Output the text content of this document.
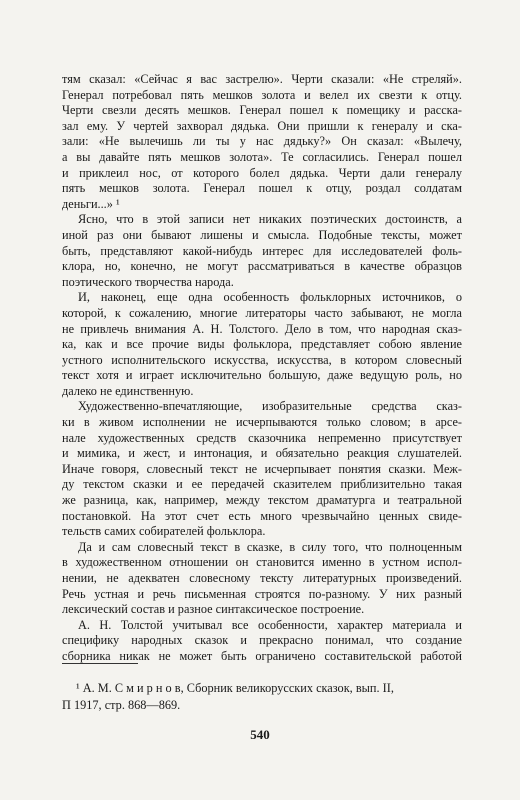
тям сказал: «Сейчас я вас застрелю». Черти сказали: «Не стреляй».
Генерал потребовал пять мешков золота и велел их свезти к отцу.
Черти свезли десять мешков. Генерал пошел к помещику и расска-
зал ему. У чертей захворал дядька. Они пришли к генералу и ска-
зали: «Не вылечишь ли ты у нас дядьку?» Он сказал: «Вылечу,
а вы давайте пять мешков золота». Те согласились. Генерал пошел
и приклеил нос, от которого болел дядька. Черти дали генералу
пять мешков золота. Генерал пошел к отцу, роздал солдатам
деньги...» ¹
Ясно, что в этой записи нет никаких поэтических достоинств, а
иной раз они бывают лишены и смысла. Подобные тексты, может
быть, представляют какой-нибудь интерес для исследователей фоль-
клора, но, конечно, не могут рассматриваться в качестве образцов
поэтического творчества народа.
И, наконец, еще одна особенность фольклорных источников, о
которой, к сожалению, многие литераторы часто забывают, не могла
не привлечь внимания А. Н. Толстого. Дело в том, что народная сказ-
ка, как и все прочие виды фольклора, представляет собою явление
устного исполнительского искусства, искусства, в котором словесный
текст хотя и играет исключительно большую, даже ведущую роль, но
далеко не единственную.
Художественно-впечатляющие, изобразительные средства сказ-
ки в живом исполнении не исчерпываются только словом; в арсе-
нале художественных средств сказочника непременно присутствует
и мимика, и жест, и интонация, и обязательно реакция слушателей.
Иначе говоря, словесный текст не исчерпывает понятия сказки. Меж-
ду текстом сказки и ее передачей сказителем приблизительно такая
же разница, как, например, между текстом драматурга и театральной
постановкой. На этот счет есть много чрезвычайно ценных свиде-
тельств самих собирателей фольклора.
Да и сам словесный текст в сказке, в силу того, что полноценным
в художественном отношении он становится именно в устном испол-
нении, не адекватен словесному тексту литературных произведений.
Речь устная и речь письменная строятся по-разному. У них разный
лексический состав и разное синтаксическое построение.
А. Н. Толстой учитывал все особенности, характер материала и
специфику народных сказок и прекрасно понимал, что создание
сборника никак не может быть ограничено составительской работой
¹ А. М. С м и р н о в, Сборник великорусских сказок, вып. II,
П 1917, стр. 868—869.
540
